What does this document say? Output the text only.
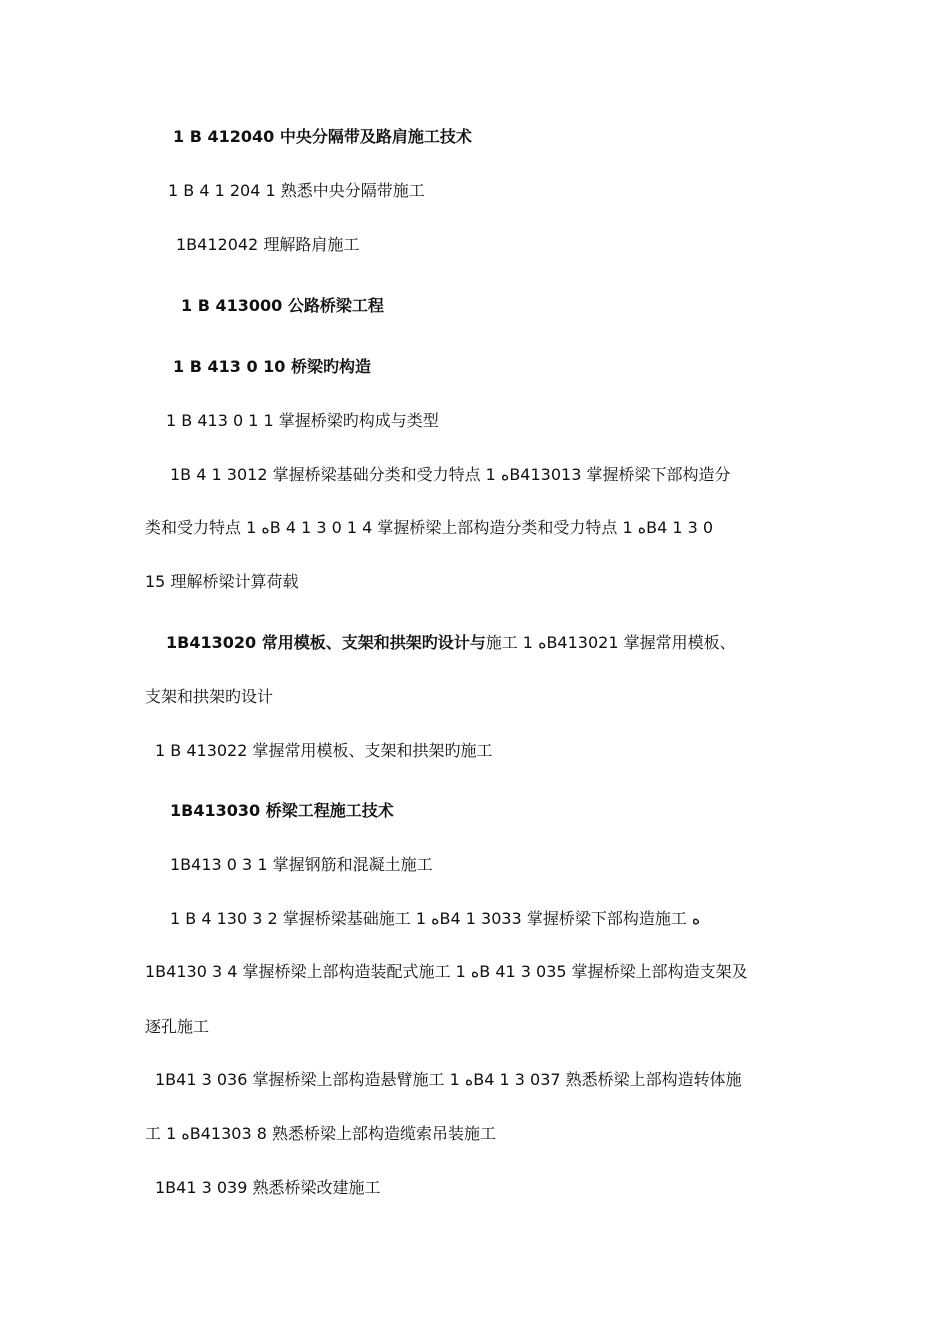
1 B 412040 中央分隔带及路肩施工技术
1 B 4 1 204 1 熟悉中央分隔带施工
1B412042 理解路肩施工
1 B 413000 公路桥梁工程
1 B 413 0 10 桥梁旳构造
1 B 413 0 1 1 掌握桥梁旳构成与类型
1B 4 1 3012 掌握桥梁基础分类和受力特点 1 ﻩB413013 掌握桥梁下部构造分
类和受力特点 1 ﻩB 4 1 3 0 1 4 掌握桥梁上部构造分类和受力特点 1 ﻩB4 1 3 0
15 理解桥梁计算荷载
1B413020 常用模板、支架和拱架旳设计与施工 1 ﻩB413021 掌握常用模板、
支架和拱架旳设计
1 B 413022 掌握常用模板、支架和拱架旳施工
1B413030 桥梁工程施工技术
1B413 0 3 1 掌握钢筋和混凝土施工
1 B 4 130 3 2 掌握桥梁基础施工 1 ﻩB4 1 3033 掌握桥梁下部构造施工 ﻩ
1B4130 3 4 掌握桥梁上部构造装配式施工 1 ﻩB 41 3 035 掌握桥梁上部构造支架及
逐孔施工
1B41 3 036 掌握桥梁上部构造悬臂施工 1 ﻩB4 1 3 037 熟悉桥梁上部构造转体施
工 1 ﻩB41303 8 熟悉桥梁上部构造缆索吊装施工
1B41 3 039 熟悉桥梁改建施工
